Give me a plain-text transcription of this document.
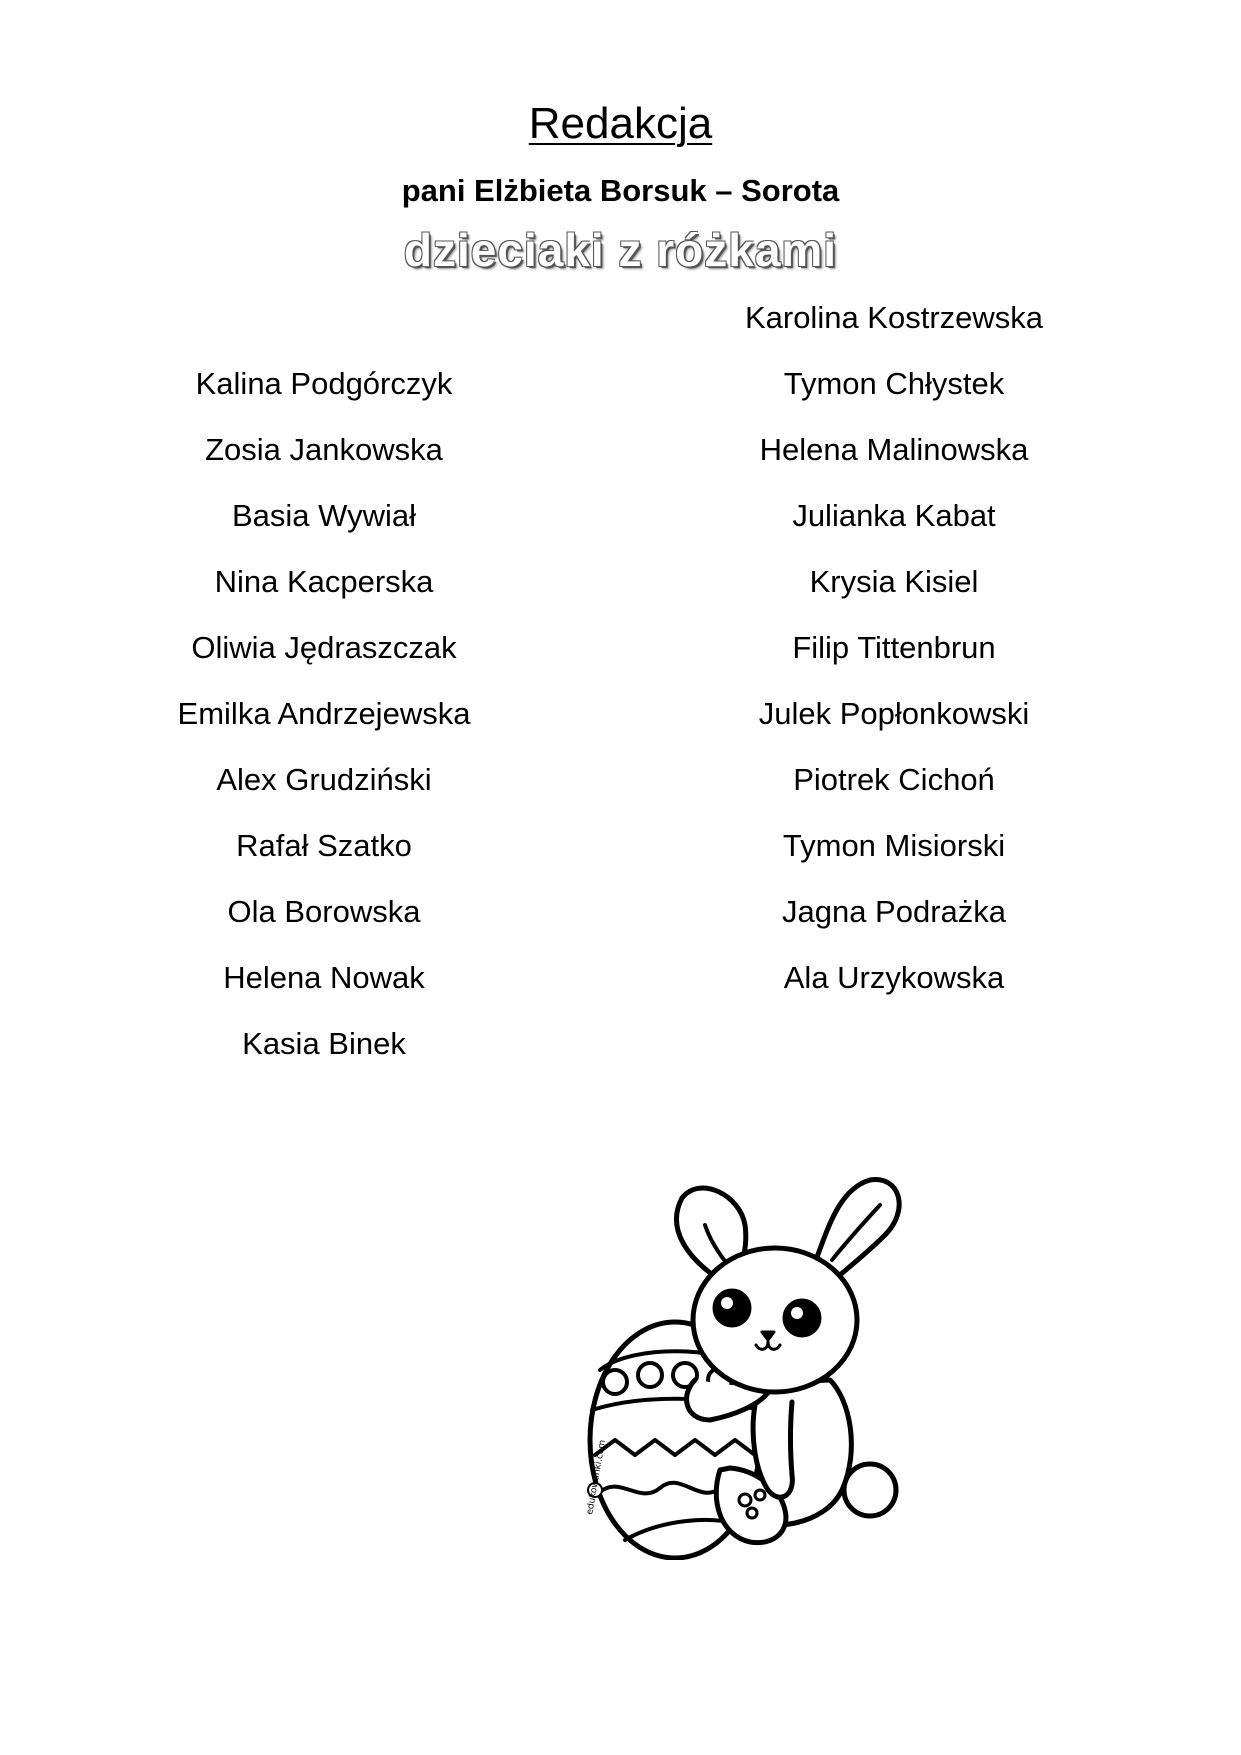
Redakcja
pani Elżbieta Borsuk – Sorota
dzieciaki z różkami
Kalina Podgórczyk
Zosia Jankowska
Basia Wywiał
Nina Kacperska
Oliwia Jędraszczak
Emilka Andrzejewska
Alex Grudziński
Rafał Szatko
Ola Borowska
Helena Nowak
Kasia Binek
Karolina Kostrzewska
Tymon Chłystek
Helena Malinowska
Julianka Kabat
Krysia Kisiel
Filip Tittenbrun
Julek Popłonkowski
Piotrek Cichoń
Tymon Misiorski
Jagna Podrażka
Ala Urzykowska
edukowanki.com
